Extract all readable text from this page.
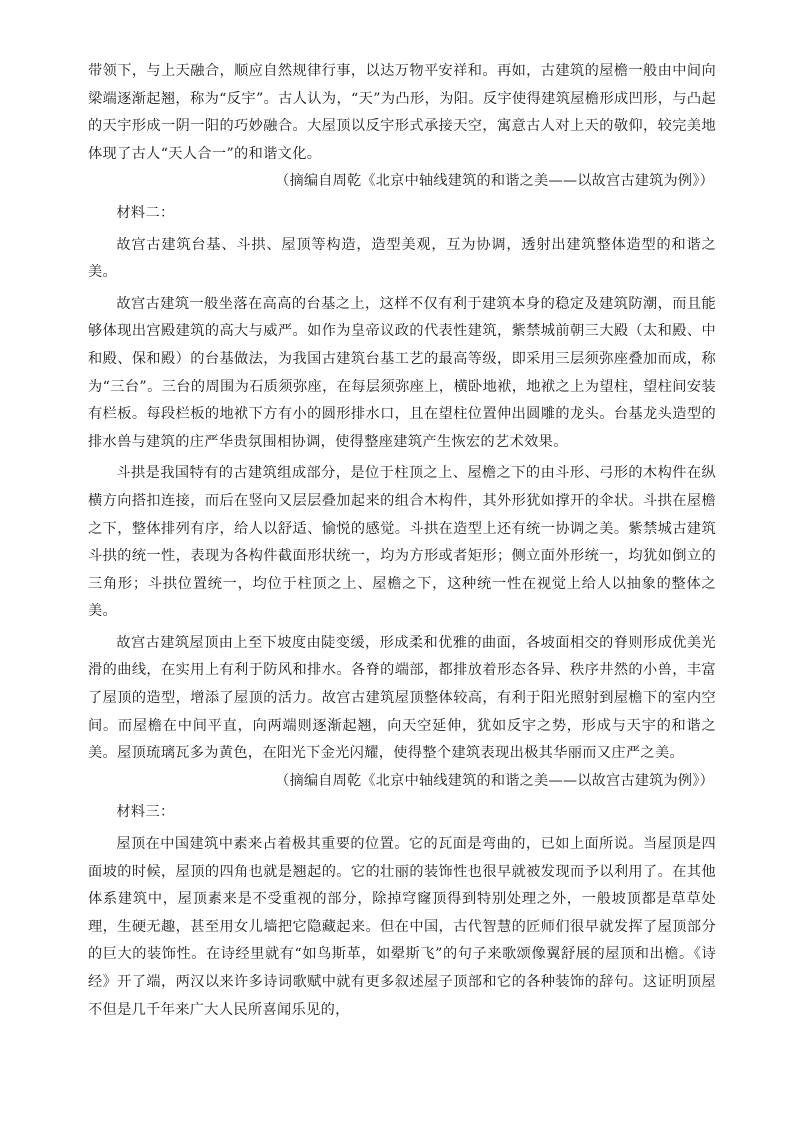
带领下，与上天融合，顺应自然规律行事，以达万物平安祥和。再如，古建筑的屋檐一般由中间向梁端逐渐起翘，称为“反宇”。古人认为，“天”为凸形，为阳。反宇使得建筑屋檐形成凹形，与凸起的天宇形成一阴一阳的巧妙融合。大屋顶以反宇形式承接天空，寓意古人对上天的敬仰，较完美地体现了古人“天人合一”的和谐文化。

（摘编自周乾《北京中轴线建筑的和谐之美——以故宫古建筑为例》）

材料二：

故宫古建筑台基、斗拱、屋顶等构造，造型美观，互为协调，透射出建筑整体造型的和谐之美。

故宫古建筑一般坐落在高高的台基之上，这样不仅有利于建筑本身的稳定及建筑防潮，而且能够体现出宫殿建筑的高大与威严。如作为皇帝议政的代表性建筑，紫禁城前朝三大殿（太和殿、中和殿、保和殿）的台基做法，为我国古建筑台基工艺的最高等级，即采用三层须弥座叠加而成，称为“三台”。三台的周围为石质须弥座，在每层须弥座上，横卧地袱，地袱之上为望柱，望柱间安装有栏板。每段栏板的地袱下方有小的圆形排水口，且在望柱位置伸出圆雕的龙头。台基龙头造型的排水兽与建筑的庄严华贵氛围相协调，使得整座建筑产生恢宏的艺术效果。

斗拱是我国特有的古建筑组成部分，是位于柱顶之上、屋檐之下的由斗形、弓形的木构件在纵横方向搭扣连接，而后在竖向又层层叠加起来的组合木构件，其外形犹如撑开的伞状。斗拱在屋檐之下，整体排列有序，给人以舒适、愉悦的感觉。斗拱在造型上还有统一协调之美。紫禁城古建筑斗拱的统一性，表现为各构件截面形状统一，均为方形或者矩形；侧立面外形统一，均犹如倒立的三角形；斗拱位置统一，均位于柱顶之上、屋檐之下，这种统一性在视觉上给人以抽象的整体之美。

故宫古建筑屋顶由上至下坡度由陡变缓，形成柔和优雅的曲面，各坡面相交的脊则形成优美光滑的曲线，在实用上有利于防风和排水。各脊的端部，都排放着形态各异、秩序井然的小兽，丰富了屋顶的造型，增添了屋顶的活力。故宫古建筑屋顶整体较高，有利于阳光照射到屋檐下的室内空间。而屋檐在中间平直，向两端则逐渐起翘，向天空延伸，犹如反宇之势，形成与天宇的和谐之美。屋顶琉璃瓦多为黄色，在阳光下金光闪耀，使得整个建筑表现出极其华丽而又庄严之美。

（摘编自周乾《北京中轴线建筑的和谐之美——以故宫古建筑为例》）

材料三：

屋顶在中国建筑中素来占着极其重要的位置。它的瓦面是弯曲的，已如上面所说。当屋顶是四面坡的时候，屋顶的四角也就是翘起的。它的壮丽的装饰性也很早就被发现而予以利用了。在其他体系建筑中，屋顶素来是不受重视的部分，除掉穹窿顶得到特别处理之外，一般坡顶都是草草处理，生硬无趣，甚至用女儿墙把它隐藏起来。但在中国，古代智慧的匠师们很早就发挥了屋顶部分的巨大的装饰性。在诗经里就有“如鸟斯革，如翚斯飞”的句子来歌颂像翼舒展的屋顶和出檐。《诗经》开了端，两汉以来许多诗词歌赋中就有更多叙述屋子顶部和它的各种装饰的辞句。这证明顶屋不但是几千年来广大人民所喜闻乐见的，
